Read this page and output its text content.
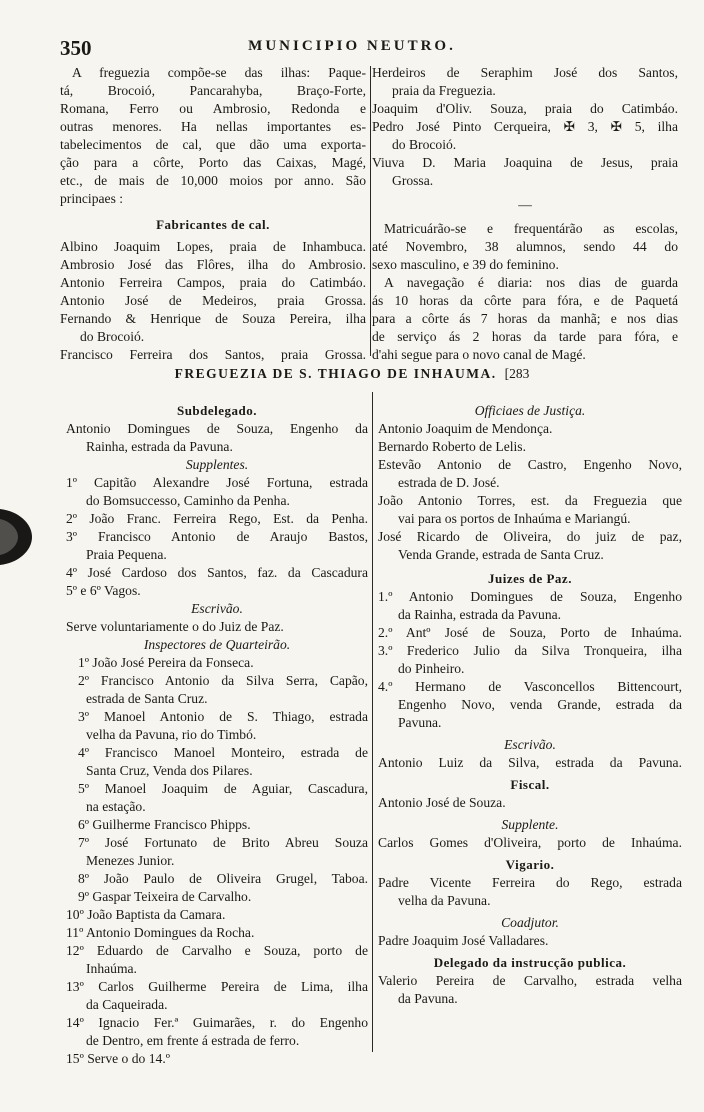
350	MUNICIPIO NEUTRO.
A freguezia compõe-se das ilhas: Paque-
tá, Brocoió, Pancarahyba, Braço-Forte,
Romana, Ferro ou Ambrosio, Redonda e
outras menores. Ha nellas importantes es-
tabelecimentos de cal, que dão uma exporta-
ção para a côrte, Porto das Caixas, Magé,
etc., de mais de 10,000 moios por anno. São
principaes :
Fabricantes de cal.
Albino Joaquim Lopes, praia de Inhambuca.
Ambrosio José das Flôres, ilha do Ambrosio.
Antonio Ferreira Campos, praia do Catimbáo.
Antonio José de Medeiros, praia Grossa.
Fernando & Henrique de Souza Pereira, ilha
do Brocoió.
Francisco Ferreira dos Santos, praia Grossa.
Herdeiros de Seraphim José dos Santos,
praia da Freguezia.
Joaquim d'Oliv. Souza, praia do Catimbáo.
Pedro José Pinto Cerqueira, ✠ 3, ✠ 5, ilha
do Brocoió.
Viuva D. Maria Joaquina de Jesus, praia
Grossa.
—
Matricuárão-se e frequentárão as escolas,
até Novembro, 38 alumnos, sendo 44 do
sexo masculino, e 39 do feminino.
A navegação é diaria: nos dias de guarda
ás 10 horas da côrte para fóra, e de Paquetá
para a côrte ás 7 horas da manhã; e nos dias
de serviço ás 2 horas da tarde para fóra, e
d'ahi segue para o novo canal de Magé.
FREGUEZIA DE S. THIAGO DE INHAUMA. [283
Subdelegado.
Antonio Domingues de Souza, Engenho da
Rainha, estrada da Pavuna.
Supplentes.
1º Capitão Alexandre José Fortuna, estrada
do Bomsuccesso, Caminho da Penha.
2º João Franc. Ferreira Rego, Est. da Penha.
3º Francisco Antonio de Araujo Bastos,
Praia Pequena.
4º José Cardoso dos Santos, faz. da Cascadura
5º e 6º Vagos.
Escrivão.
Serve voluntariamente o do Juiz de Paz.
Inspectores de Quarteirão.
1º João José Pereira da Fonseca.
2º Francisco Antonio da Silva Serra, Capão,
estrada de Santa Cruz.
3º Manoel Antonio de S. Thiago, estrada
velha da Pavuna, rio do Timbó.
4º Francisco Manoel Monteiro, estrada de
Santa Cruz, Venda dos Pilares.
5º Manoel Joaquim de Aguiar, Cascadura,
na estação.
6º Guilherme Francisco Phipps.
7º José Fortunato de Brito Abreu Souza
Menezes Junior.
8º João Paulo de Oliveira Grugel, Taboa.
9º Gaspar Teixeira de Carvalho.
10º João Baptista da Camara.
11º Antonio Domingues da Rocha.
12º Eduardo de Carvalho e Souza, porto de
Inhaúma.
13º Carlos Guilherme Pereira de Lima, ilha
da Caqueirada.
14º Ignacio Fer.ª Guimarães, r. do Engenho
de Dentro, em frente á estrada de ferro.
15º Serve o do 14.º
Officiaes de Justiça.
Antonio Joaquim de Mendonça.
Bernardo Roberto de Lelis.
Estevão Antonio de Castro, Engenho Novo,
estrada de D. José.
João Antonio Torres, est. da Freguezia que
vai para os portos de Inhaúma e Mariangú.
José Ricardo de Oliveira, do juiz de paz,
Venda Grande, estrada de Santa Cruz.
Juizes de Paz.
1.º Antonio Domingues de Souza, Engenho
da Rainha, estrada da Pavuna.
2.º Antº José de Souza, Porto de Inhaúma.
3.º Frederico Julio da Silva Tronqueira, ilha
do Pinheiro.
4.º Hermano de Vasconcellos Bittencourt,
Engenho Novo, venda Grande, estrada da
Pavuna.
Escrivão.
Antonio Luiz da Silva, estrada da Pavuna.
Fiscal.
Antonio José de Souza.
Supplente.
Carlos Gomes d'Oliveira, porto de Inhaúma.
Vigario.
Padre Vicente Ferreira do Rego, estrada
velha da Pavuna.
Coadjutor.
Padre Joaquim José Valladares.
Delegado da instrucção publica.
Valerio Pereira de Carvalho, estrada velha
da Pavuna.
